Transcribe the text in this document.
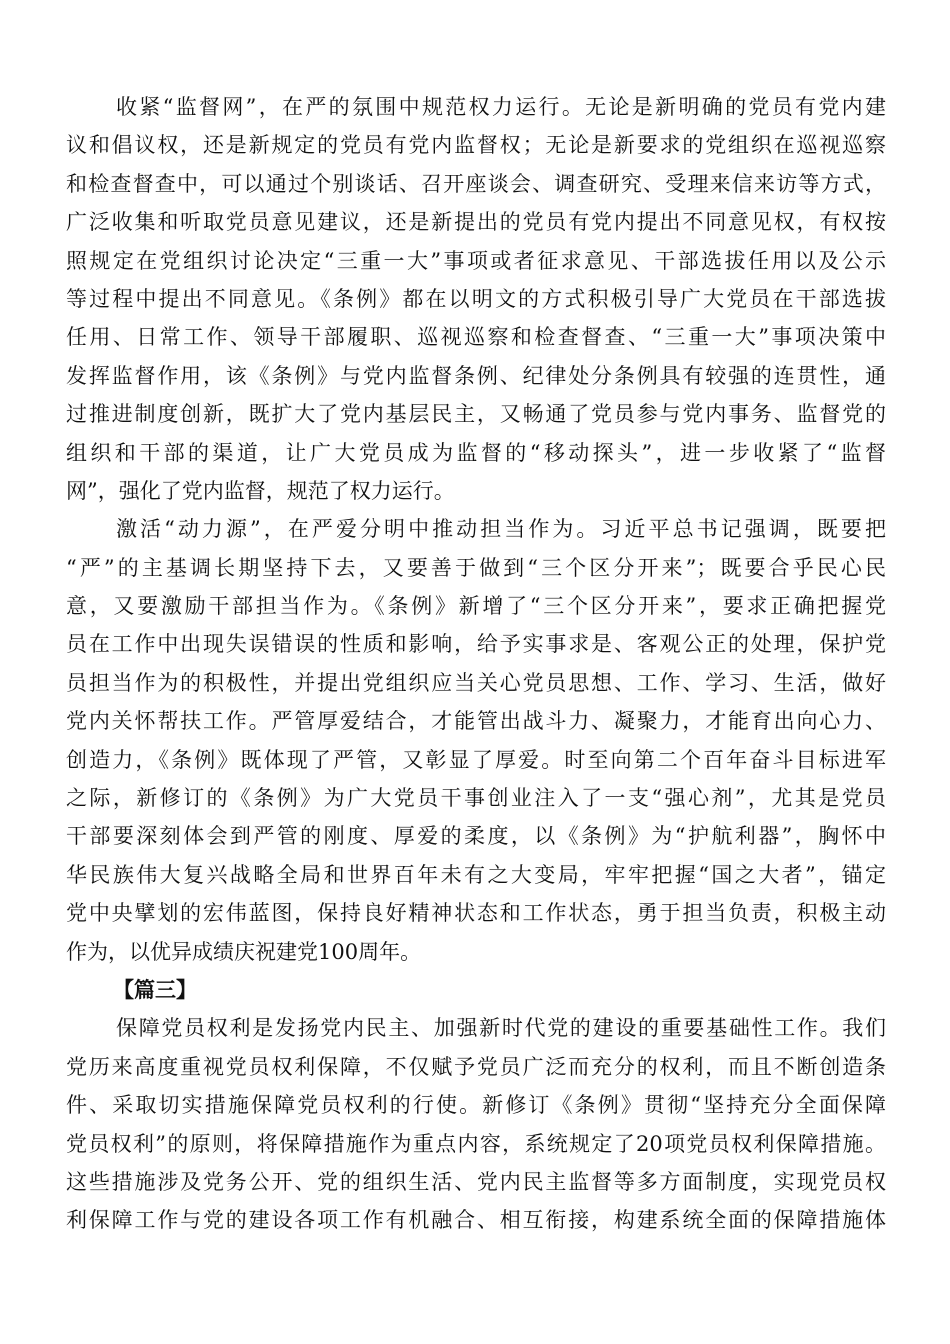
收紧“监督网”，在严的氛围中规范权力运行。无论是新明确的党员有党内建
议和倡议权，还是新规定的党员有党内监督权；无论是新要求的党组织在巡视巡察
和检查督查中，可以通过个别谈话、召开座谈会、调查研究、受理来信来访等方式，
广泛收集和听取党员意见建议，还是新提出的党员有党内提出不同意见权，有权按
照规定在党组织讨论决定“三重一大”事项或者征求意见、干部选拔任用以及公示
等过程中提出不同意见。《条例》都在以明文的方式积极引导广大党员在干部选拔
任用、日常工作、领导干部履职、巡视巡察和检查督查、“三重一大”事项决策中
发挥监督作用，该《条例》与党内监督条例、纪律处分条例具有较强的连贯性，通
过推进制度创新，既扩大了党内基层民主，又畅通了党员参与党内事务、监督党的
组织和干部的渠道，让广大党员成为监督的“移动探头”，进一步收紧了“监督
网”，强化了党内监督，规范了权力运行。
激活“动力源”，在严爱分明中推动担当作为。习近平总书记强调，既要把
“严”的主基调长期坚持下去，又要善于做到“三个区分开来”；既要合乎民心民
意，又要激励干部担当作为。《条例》新增了“三个区分开来”，要求正确把握党
员在工作中出现失误错误的性质和影响，给予实事求是、客观公正的处理，保护党
员担当作为的积极性，并提出党组织应当关心党员思想、工作、学习、生活，做好
党内关怀帮扶工作。严管厚爱结合，才能管出战斗力、凝聚力，才能育出向心力、
创造力，《条例》既体现了严管，又彰显了厚爱。时至向第二个百年奋斗目标进军
之际，新修订的《条例》为广大党员干事创业注入了一支“强心剂”，尤其是党员
干部要深刻体会到严管的刚度、厚爱的柔度，以《条例》为“护航利器”，胸怀中
华民族伟大复兴战略全局和世界百年未有之大变局，牢牢把握“国之大者”，锚定
党中央擘划的宏伟蓝图，保持良好精神状态和工作状态，勇于担当负责，积极主动
作为，以优异成绩庆祝建党100周年。
【篇三】
保障党员权利是发扬党内民主、加强新时代党的建设的重要基础性工作。我们
党历来高度重视党员权利保障，不仅赋予党员广泛而充分的权利，而且不断创造条
件、采取切实措施保障党员权利的行使。新修订《条例》贯彻“坚持充分全面保障
党员权利”的原则，将保障措施作为重点内容，系统规定了20项党员权利保障措施。
这些措施涉及党务公开、党的组织生活、党内民主监督等多方面制度，实现党员权
利保障工作与党的建设各项工作有机融合、相互衔接，构建系统全面的保障措施体
